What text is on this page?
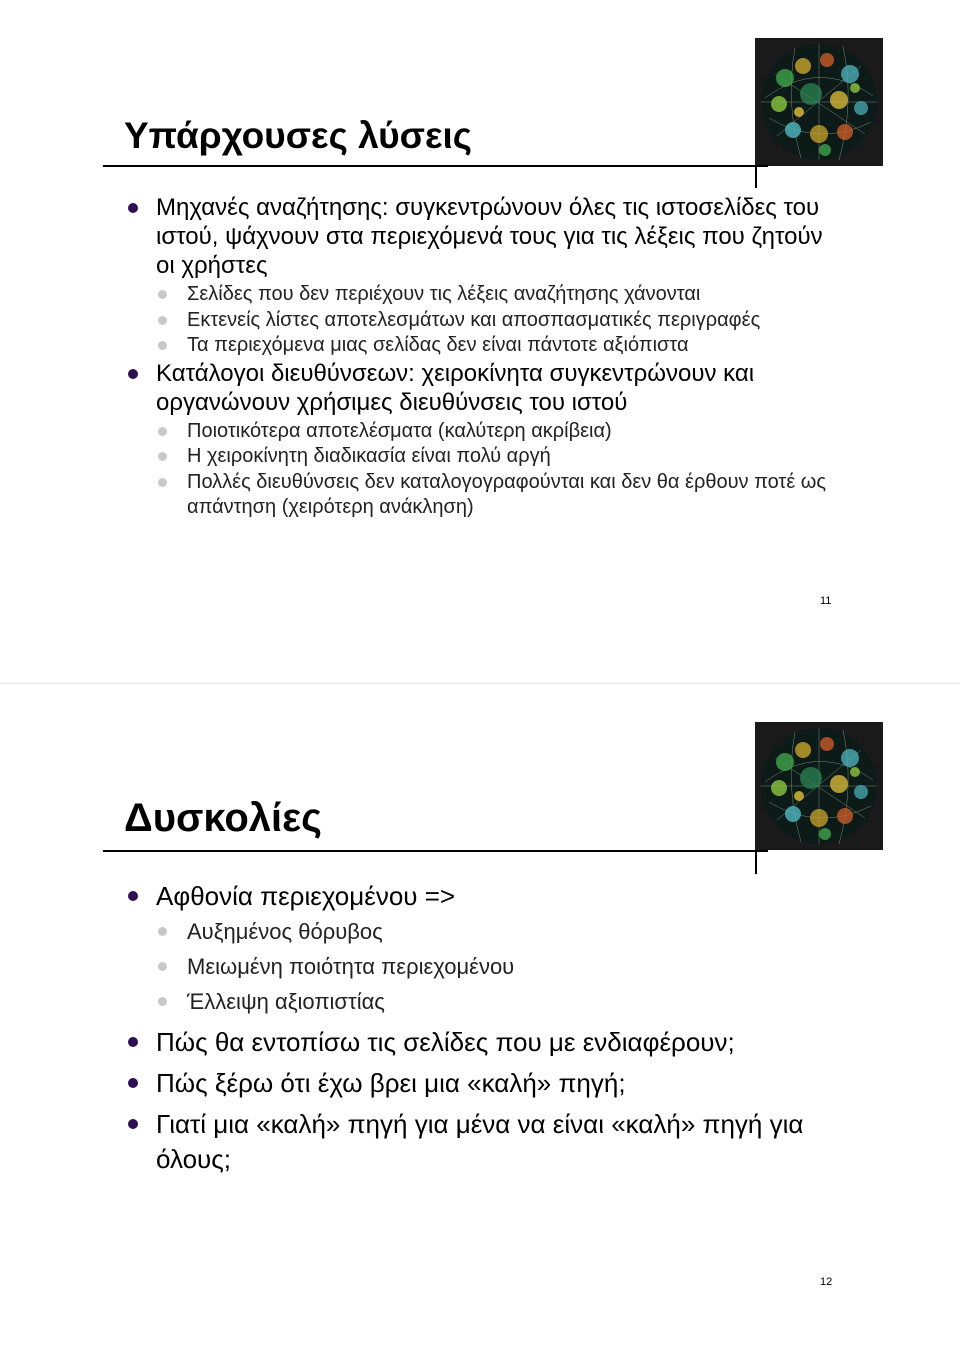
Υπάρχουσες λύσεις
Μηχανές αναζήτησης: συγκεντρώνουν όλες τις ιστοσελίδες του ιστού, ψάχνουν στα περιεχόμενά τους για τις λέξεις που ζητούν οι χρήστες
Σελίδες που δεν περιέχουν τις λέξεις αναζήτησης χάνονται
Εκτενείς λίστες αποτελεσμάτων και αποσπασματικές περιγραφές
Τα περιεχόμενα μιας σελίδας δεν είναι πάντοτε αξιόπιστα
Κατάλογοι διευθύνσεων: χειροκίνητα συγκεντρώνουν και οργανώνουν χρήσιμες διευθύνσεις του ιστού
Ποιοτικότερα αποτελέσματα (καλύτερη ακρίβεια)
Η χειροκίνητη διαδικασία είναι πολύ αργή
Πολλές διευθύνσεις δεν καταλογογραφούνται και δεν θα έρθουν ποτέ ως απάντηση (χειρότερη ανάκληση)
11
Δυσκολίες
Αφθονία περιεχομένου =>
Αυξημένος θόρυβος
Μειωμένη ποιότητα περιεχομένου
Έλλειψη αξιοπιστίας
Πώς θα εντοπίσω τις σελίδες που με ενδιαφέρουν;
Πώς ξέρω ότι έχω βρει μια «καλή» πηγή;
Γιατί μια «καλή» πηγή για μένα να είναι «καλή» πηγή για όλους;
12
